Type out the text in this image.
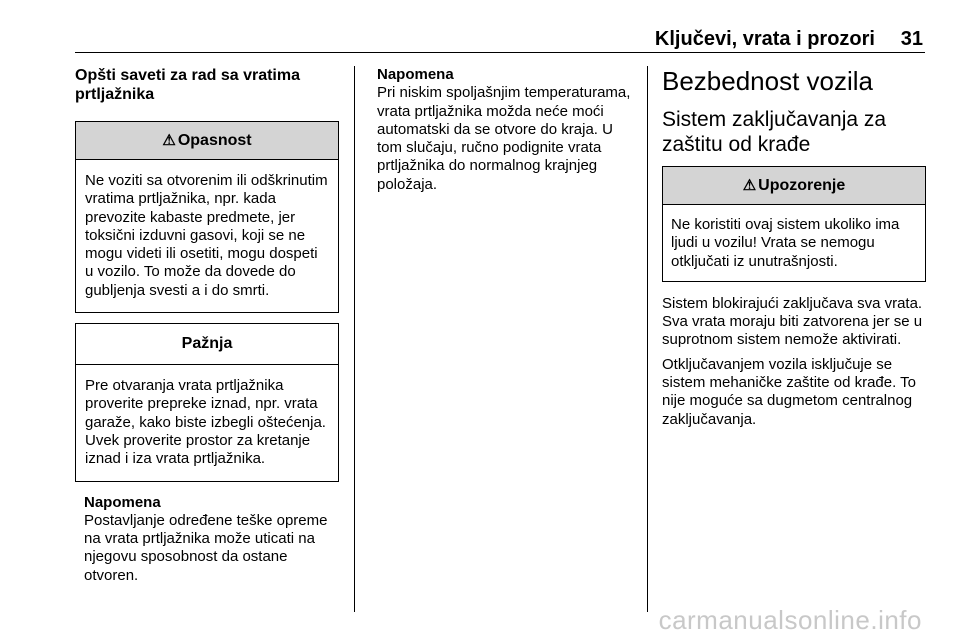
Ključevi, vrata i prozori 31
Opšti saveti za rad sa vratima prtljažnika
⚠ Opasnost
Ne voziti sa otvorenim ili odškrinutim vratima prtljažnika, npr. kada prevozite kabaste predmete, jer toksični izduvni gasovi, koji se ne mogu videti ili osetiti, mogu dospeti u vozilo. To može da dovede do gubljenja svesti a i do smrti.
Pažnja
Pre otvaranja vrata prtljažnika proverite prepreke iznad, npr. vrata garaže, kako biste izbegli oštećenja. Uvek proverite prostor za kretanje iznad i iza vrata prtljažnika.
Napomena
Postavljanje određene teške opreme na vrata prtljažnika može uticati na njegovu sposobnost da ostane otvoren.
Napomena
Pri niskim spoljašnjim temperaturama, vrata prtljažnika možda neće moći automatski da se otvore do kraja. U tom slučaju, ručno podignite vrata prtljažnika do normalnog krajnjeg položaja.
Bezbednost vozila
Sistem zaključavanja za zaštitu od krađe
⚠ Upozorenje
Ne koristiti ovaj sistem ukoliko ima ljudi u vozilu! Vrata se nemogu otključati iz unutrašnjosti.

Sistem blokirajući zaključava sva vrata. Sva vrata moraju biti zatvorena jer se u suprotnom sistem nemože aktivirati.

Otključavanjem vozila isključuje se sistem mehaničke zaštite od krađe. To nije moguće sa dugmetom centralnog zaključavanja.

carmanualsonline.info
